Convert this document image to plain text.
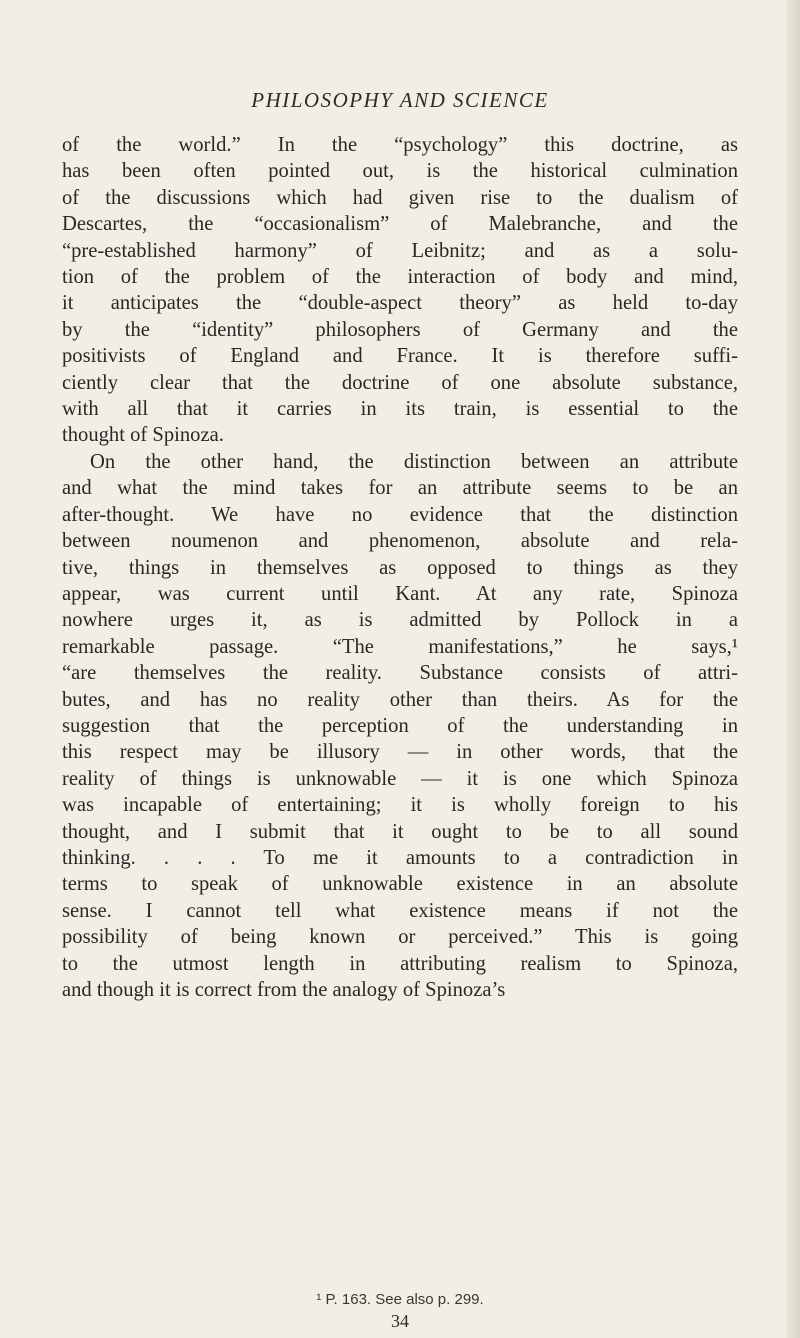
PHILOSOPHY AND SCIENCE
of the world.” In the “psychology” this doctrine, as
has been often pointed out, is the historical culmination
of the discussions which had given rise to the dualism of
Descartes, the “occasionalism” of Malebranche, and the
“pre-established harmony” of Leibnitz; and as a solu-
tion of the problem of the interaction of body and mind,
it anticipates the “double-aspect theory” as held to-day
by the “identity” philosophers of Germany and the
positivists of England and France. It is therefore suffi-
ciently clear that the doctrine of one absolute substance,
with all that it carries in its train, is essential to the
thought of Spinoza.
On the other hand, the distinction between an attribute
and what the mind takes for an attribute seems to be an
after-thought. We have no evidence that the distinction
between noumenon and phenomenon, absolute and rela-
tive, things in themselves as opposed to things as they
appear, was current until Kant. At any rate, Spinoza
nowhere urges it, as is admitted by Pollock in a
remarkable passage. “The manifestations,” he says,¹
“are themselves the reality. Substance consists of attri-
butes, and has no reality other than theirs. As for the
suggestion that the perception of the understanding in
this respect may be illusory — in other words, that the
reality of things is unknowable — it is one which Spinoza
was incapable of entertaining; it is wholly foreign to his
thought, and I submit that it ought to be to all sound
thinking. . . . To me it amounts to a contradiction in
terms to speak of unknowable existence in an absolute
sense. I cannot tell what existence means if not the
possibility of being known or perceived.” This is going
to the utmost length in attributing realism to Spinoza,
and though it is correct from the analogy of Spinoza’s
¹ P. 163. See also p. 299.
34
